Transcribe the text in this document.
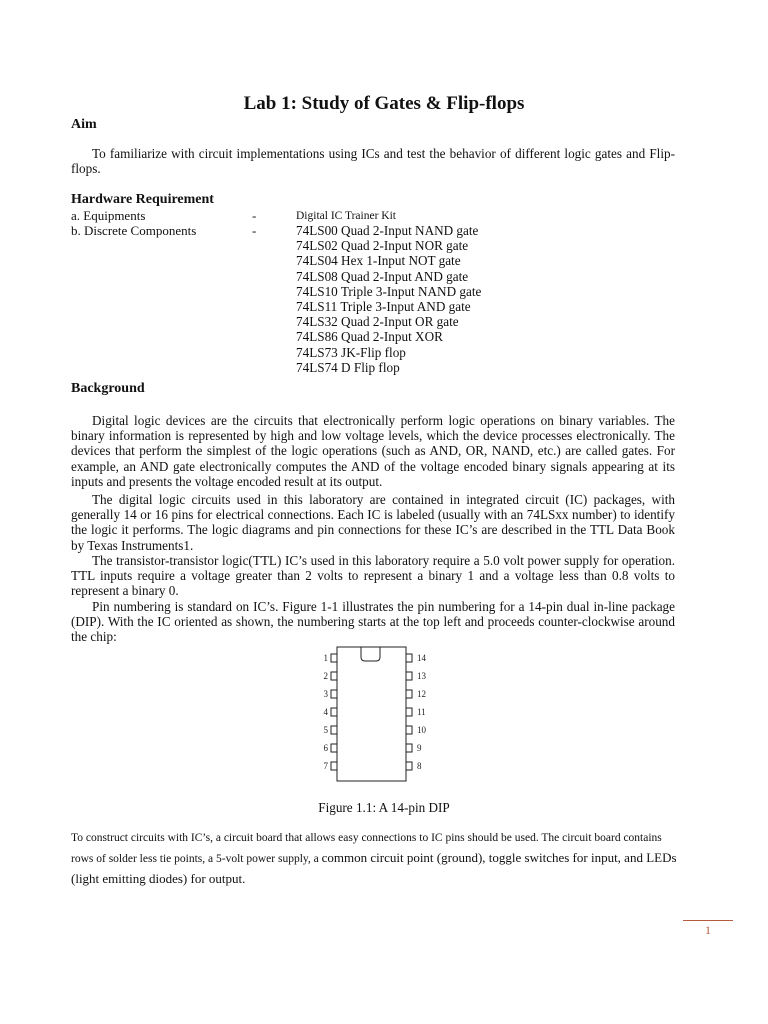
Lab 1: Study of Gates & Flip-flops
Aim
To familiarize with circuit implementations using ICs and test the behavior of different logic gates and Flip-flops.
Hardware Requirement
a. Equipments	-	Digital IC Trainer Kit
b. Discrete Components	-	74LS00 Quad 2-Input NAND gate
74LS02 Quad 2-Input NOR gate
74LS04 Hex 1-Input NOT gate
74LS08 Quad 2-Input AND gate
74LS10 Triple 3-Input NAND gate
74LS11 Triple 3-Input AND gate
74LS32 Quad 2-Input OR gate
74LS86 Quad 2-Input XOR
74LS73 JK-Flip flop
74LS74 D Flip flop
Background
Digital logic devices are the circuits that electronically perform logic operations on binary variables. The binary information is represented by high and low voltage levels, which the device processes electronically. The devices that perform the simplest of the logic operations (such as AND, OR, NAND, etc.) are called gates. For example, an AND gate electronically computes the AND of the voltage encoded binary signals appearing at its inputs and presents the voltage encoded result at its output.
The digital logic circuits used in this laboratory are contained in integrated circuit (IC) packages, with generally 14 or 16 pins for electrical connections. Each IC is labeled (usually with an 74LSxx number) to identify the logic it performs. The logic diagrams and pin connections for these IC’s are described in the TTL Data Book by Texas Instruments1.
The transistor-transistor logic(TTL) IC’s used in this laboratory require a 5.0 volt power supply for operation. TTL inputs require a voltage greater than 2 volts to represent a binary 1 and a voltage less than 0.8 volts to represent a binary 0.
Pin numbering is standard on IC’s. Figure 1-1 illustrates the pin numbering for a 14-pin dual in-line package (DIP). With the IC oriented as shown, the numbering starts at the top left and proceeds counter-clockwise around the chip:
1
2
3
4
5
6
7
14
13
12
11
10
9
8
Figure 1.1: A 14-pin DIP
To construct circuits with IC’s, a circuit board that allows easy connections to IC pins should be used. The circuit board contains rows of solder less tie points, a 5-volt power supply, a common circuit point (ground), toggle switches for input, and LEDs (light emitting diodes) for output.
1
